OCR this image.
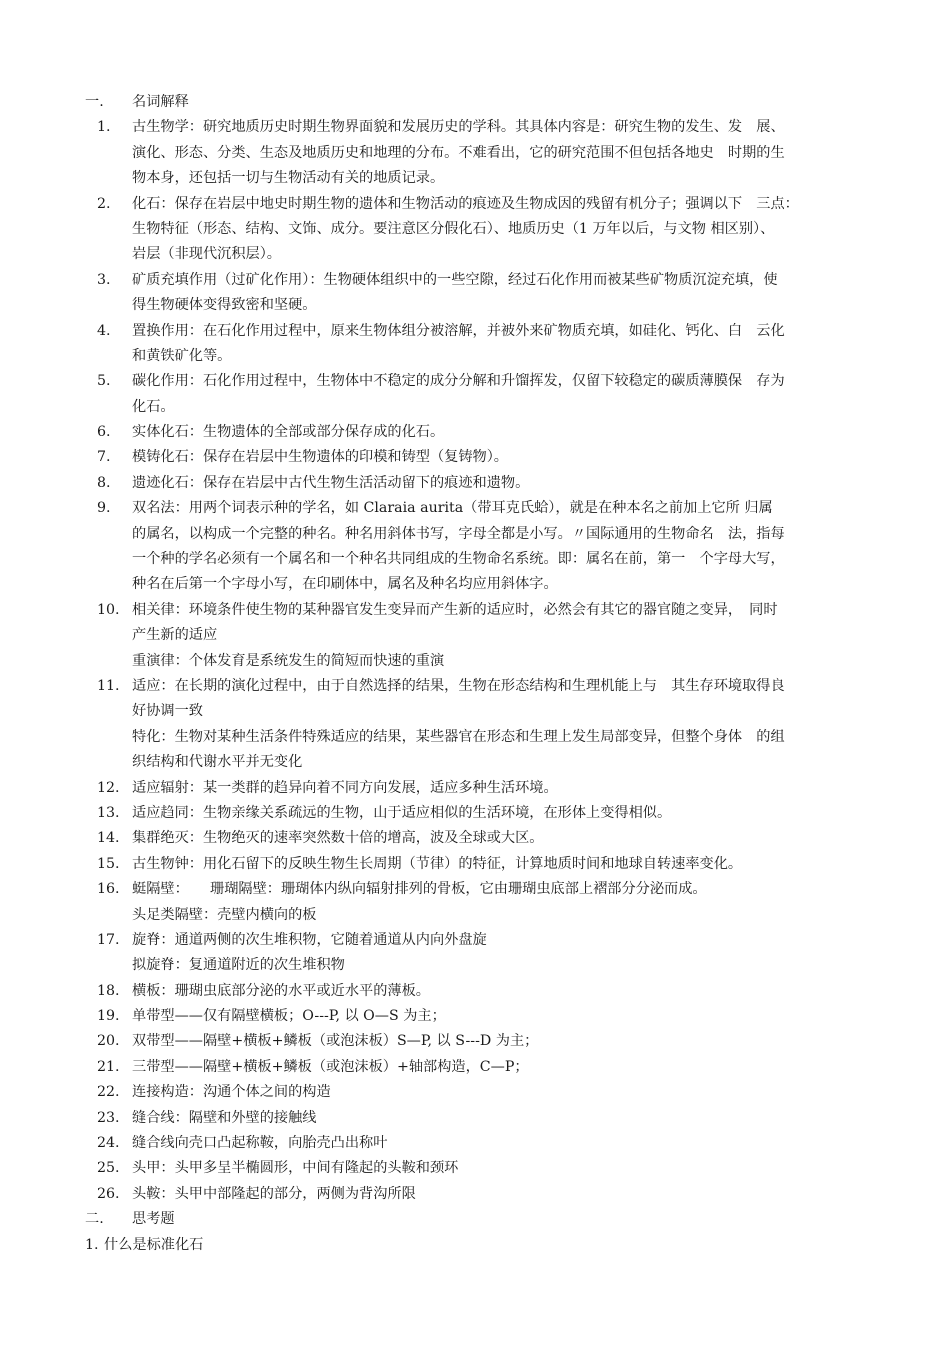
一. 名词解释
1.	古生物学：研究地质历史时期生物界面貌和发展历史的学科。其具体内容是：研究生物的发生、发　展、
演化、形态、分类、生态及地质历史和地理的分布。不难看出，它的研究范围不但包括各地史　时期的生
物本身，还包括一切与生物活动有关的地质记录。
2.	化石：保存在岩层中地史时期生物的遗体和生物活动的痕迹及生物成因的残留有机分子；强调以下　三点：
生物特征（形态、结构、文饰、成分。要注意区分假化石）、地质历史（1 万年以后，与文物 相区别）、
岩层（非现代沉积层）。
3.	矿质充填作用（过矿化作用）：生物硬体组织中的一些空隙，经过石化作用而被某些矿物质沉淀充填，使
得生物硬体变得致密和坚硬。
4.	置换作用：在石化作用过程中，原来生物体组分被溶解，并被外来矿物质充填，如硅化、钙化、白　云化
和黄铁矿化等。
5.	碳化作用：石化作用过程中，生物体中不稳定的成分分解和升馏挥发，仅留下较稳定的碳质薄膜保　存为
化石。
6.	实体化石：生物遗体的全部或部分保存成的化石。
7.	模铸化石：保存在岩层中生物遗体的印模和铸型（复铸物）。
8.	遗迹化石：保存在岩层中古代生物生活活动留下的痕迹和遗物。
9.	双名法：用两个词表示种的学名，如 Claraia aurita（带耳克氏蛤），就是在种本名之前加上它所 归属
的属名，以构成一个完整的种名。种名用斜体书写，字母全都是小写。〃国际通用的生物命名　法，指每
一个种的学名必须有一个属名和一个种名共同组成的生物命名系统。即：属名在前，第一　个字母大写，
种名在后第一个字母小写，在印刷体中，属名及种名均应用斜体字。
10. 相关律：环境条件使生物的某种器官发生变异而产生新的适应时，必然会有其它的器官随之变异，　同时
产生新的适应
重演律：个体发育是系统发生的简短而快速的重演
11. 适应：在长期的演化过程中，由于自然选择的结果，生物在形态结构和生理机能上与　其生存环境取得良
好协调一致
特化：生物对某种生活条件特殊适应的结果，某些器官在形态和生理上发生局部变异，但整个身体　的组
织结构和代谢水平并无变化
12. 适应辐射：某一类群的趋异向着不同方向发展，适应多种生活环境。
13. 适应趋同：生物亲缘关系疏远的生物，山于适应相似的生活环境，在形体上变得相似。
14. 集群绝灭：生物绝灭的速率突然数十倍的增高，波及全球或大区。
15. 古生物钟：用化石留下的反映生物生长周期（节律）的特征，计算地质时间和地球自转速率变化。
16. 蜓隔壁：　　珊瑚隔壁：珊瑚体内纵向辐射排列的骨板，它由珊瑚虫底部上褶部分分泌而成。
头足类隔壁：壳壁内横向的板
17. 旋脊：通道两侧的次生堆积物，它随着通道从内向外盘旋
拟旋脊：复通道附近的次生堆积物
18. 横板：珊瑚虫底部分泌的水平或近水平的薄板。
19. 单带型——仅有隔壁横板；O---P, 以 O—S 为主；
20. 双带型——隔壁+横板+鳞板（或泡沫板）S—P, 以 S---D 为主；
21. 三带型——隔壁+横板+鳞板（或泡沫板）+轴部构造，C—P；
22. 连接构造：沟通个体之间的构造
23. 缝合线：隔壁和外壁的接触线
24. 缝合线向壳口凸起称鞍，向胎壳凸出称叶
25. 头甲：头甲多呈半椭圆形，中间有隆起的头鞍和颈环
26. 头鞍：头甲中部隆起的部分，两侧为背沟所限
二. 思考题
1. 什么是标准化石
